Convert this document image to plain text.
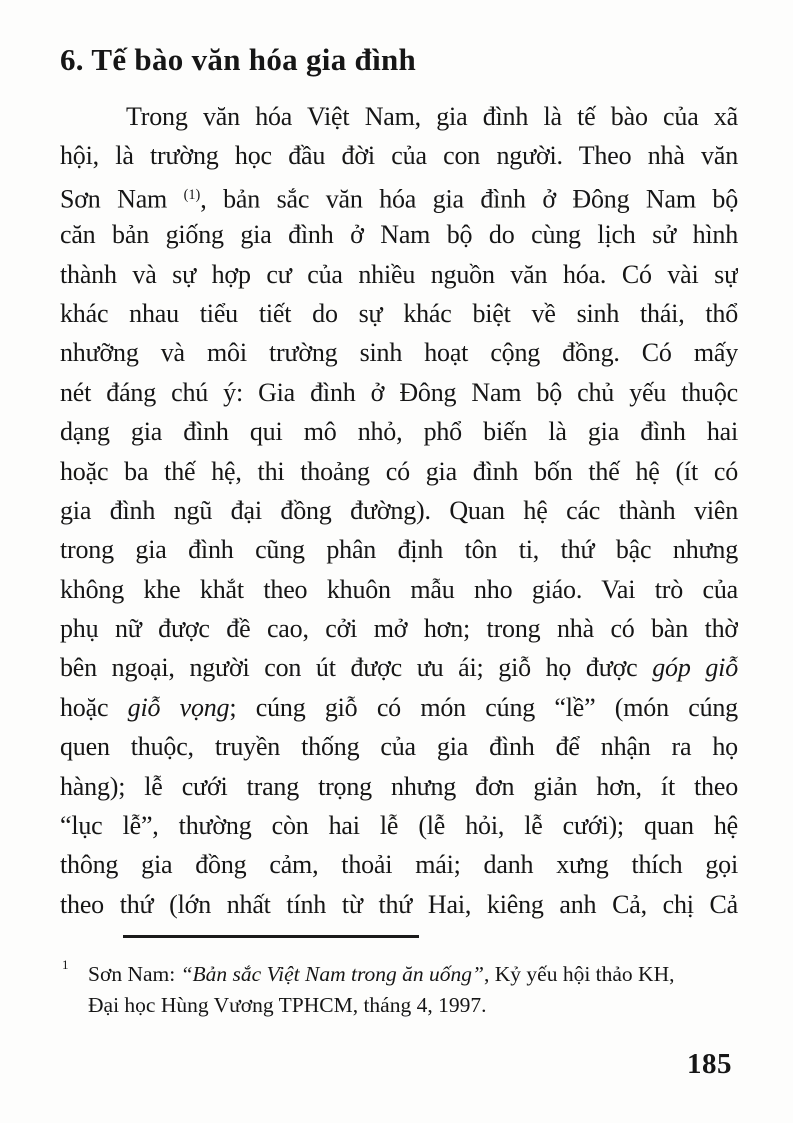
6. Tế bào văn hóa gia đình
Trong văn hóa Việt Nam, gia đình là tế bào của xã
hội, là trường học đầu đời của con người. Theo nhà văn
Sơn Nam $^{(1)}$, bản sắc văn hóa gia đình ở Đông Nam bộ
căn bản giống gia đình ở Nam bộ do cùng lịch sử hình
thành và sự hợp cư của nhiều nguồn văn hóa. Có vài sự
khác nhau tiểu tiết do sự khác biệt về sinh thái, thổ
nhưỡng và môi trường sinh hoạt cộng đồng. Có mấy
nét đáng chú ý: Gia đình ở Đông Nam bộ chủ yếu thuộc
dạng gia đình qui mô nhỏ, phổ biến là gia đình hai
hoặc ba thế hệ, thi thoảng có gia đình bốn thế hệ (ít có
gia đình ngũ đại đồng đường). Quan hệ các thành viên
trong gia đình cũng phân định tôn ti, thứ bậc nhưng
không khe khắt theo khuôn mẫu nho giáo. Vai trò của
phụ nữ được đề cao, cởi mở hơn; trong nhà có bàn thờ
bên ngoại, người con út được ưu ái; giỗ họ được góp giỗ
hoặc giỗ vọng; cúng giỗ có món cúng “lề” (món cúng
quen thuộc, truyền thống của gia đình để nhận ra họ
hàng); lễ cưới trang trọng nhưng đơn giản hơn, ít theo
“lục lễ”, thường còn hai lễ (lễ hỏi, lễ cưới); quan hệ
thông gia đồng cảm, thoải mái; danh xưng thích gọi
theo thứ (lớn nhất tính từ thứ Hai, kiêng anh Cả, chị Cả
1 Sơn Nam: “Bản sắc Việt Nam trong ăn uống”, Kỷ yếu hội thảo KH,
Đại học Hùng Vương TPHCM, tháng 4, 1997.
185
